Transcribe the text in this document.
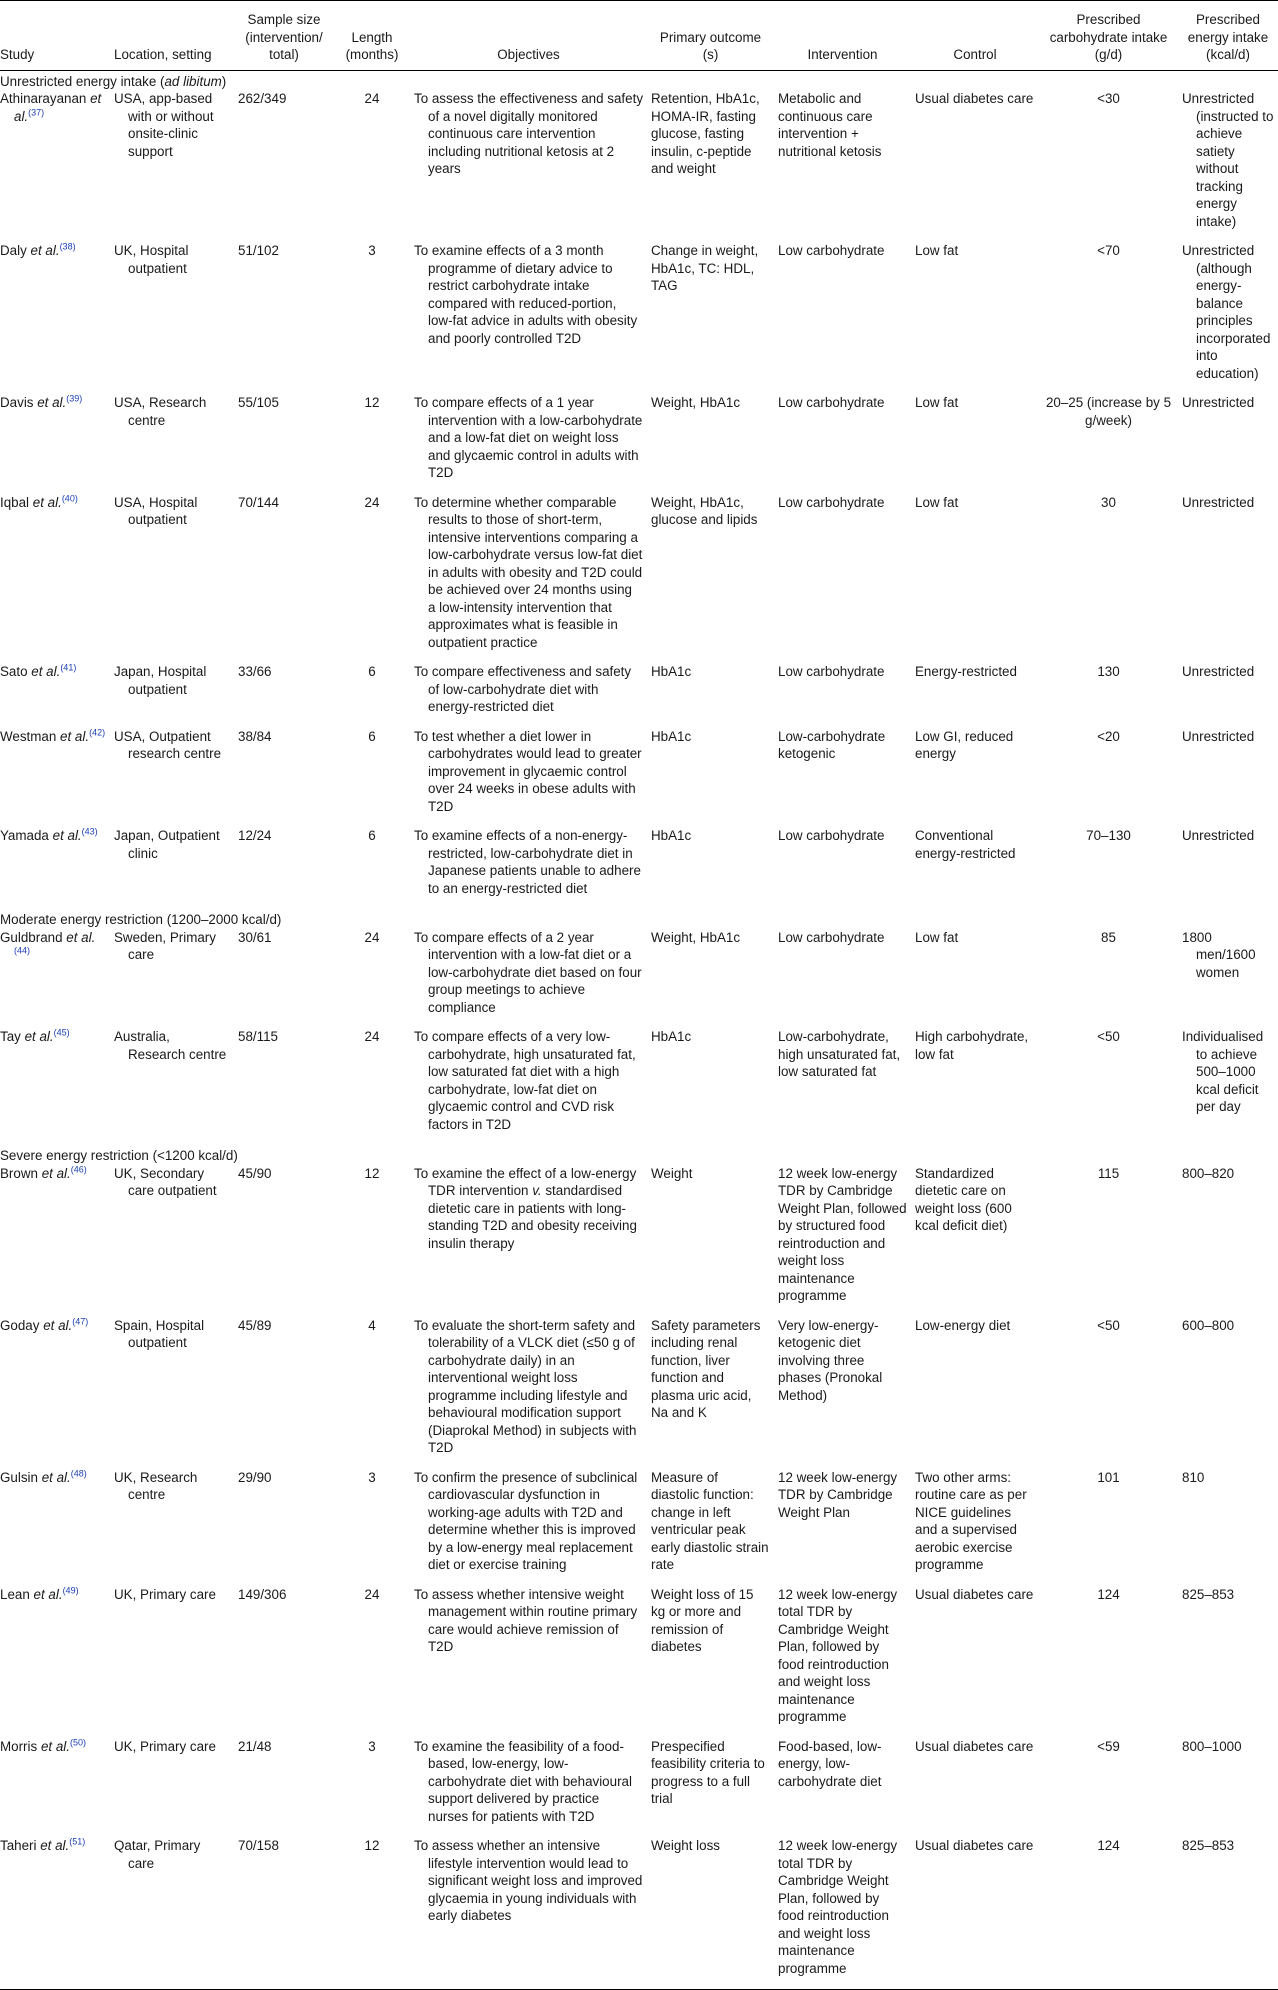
Study	Location, setting	Sample size (intervention/ total)	Length (months)	Objectives	Primary outcome (s)	Intervention	Control	Prescribed carbohydrate intake (g/d)	Prescribed energy intake (kcal/d)
Unrestricted energy intake (ad libitum)									

Athinarayanan et al.$^{(37)}$	USA, app-based with or without onsite-clinic support	262/349	24	To assess the effectiveness and safety of a novel digitally monitored continuous care intervention including nutritional ketosis at 2 years	Retention, HbA1c, HOMA-IR, fasting glucose, fasting insulin, c-peptide and weight	Metabolic and continuous care intervention + nutritional ketosis	Usual diabetes care	<30	Unrestricted (instructed to achieve satiety without tracking energy intake)

Daly et al.$^{(38)}$	UK, Hospital outpatient	51/102	3	To examine effects of a 3 month programme of dietary advice to restrict carbohydrate intake compared with reduced-portion, low-fat advice in adults with obesity and poorly controlled T2D	Change in weight, HbA1c, TC: HDL, TAG	Low carbohydrate	Low fat	<70	Unrestricted (although energy-balance principles incorporated into education)

Davis et al.$^{(39)}$	USA, Research centre	55/105	12	To compare effects of a 1 year intervention with a low-carbohydrate and a low-fat diet on weight loss and glycaemic control in adults with T2D	Weight, HbA1c	Low carbohydrate	Low fat	20–25 (increase by 5 g/week)	Unrestricted

Iqbal et al.$^{(40)}$	USA, Hospital outpatient	70/144	24	To determine whether comparable results to those of short-term, intensive interventions comparing a low-carbohydrate versus low-fat diet in adults with obesity and T2D could be achieved over 24 months using a low-intensity intervention that approximates what is feasible in outpatient practice	Weight, HbA1c, glucose and lipids	Low carbohydrate	Low fat	30	Unrestricted

Sato et al.$^{(41)}$	Japan, Hospital outpatient	33/66	6	To compare effectiveness and safety of low-carbohydrate diet with energy-restricted diet	HbA1c	Low carbohydrate	Energy-restricted	130	Unrestricted

Westman et al.$^{(42)}$	USA, Outpatient research centre	38/84	6	To test whether a diet lower in carbohydrates would lead to greater improvement in glycaemic control over 24 weeks in obese adults with T2D	HbA1c	Low-carbohydrate ketogenic	Low GI, reduced energy	<20	Unrestricted

Yamada et al.$^{(43)}$	Japan, Outpatient clinic	12/24	6	To examine effects of a non-energy-restricted, low-carbohydrate diet in Japanese patients unable to adhere to an energy-restricted diet	HbA1c	Low carbohydrate	Conventional energy-restricted	70–130	Unrestricted

Moderate energy restriction (1200–2000 kcal/d)									

Guldbrand et al.$^{(44)}$	Sweden, Primary care	30/61	24	To compare effects of a 2 year intervention with a low-fat diet or a low-carbohydrate diet based on four group meetings to achieve compliance	Weight, HbA1c	Low carbohydrate	Low fat	85	1800 men/1600 women

Tay et al.$^{(45)}$	Australia, Research centre	58/115	24	To compare effects of a very low-carbohydrate, high unsaturated fat, low saturated fat diet with a high carbohydrate, low-fat diet on glycaemic control and CVD risk factors in T2D	HbA1c	Low-carbohydrate, high unsaturated fat, low saturated fat	High carbohydrate, low fat	<50	Individualised to achieve 500–1000 kcal deficit per day

Severe energy restriction (<1200 kcal/d)									

Brown et al.$^{(46)}$	UK, Secondary care outpatient	45/90	12	To examine the effect of a low-energy TDR intervention v. standardised dietetic care in patients with long-standing T2D and obesity receiving insulin therapy	Weight	12 week low-energy TDR by Cambridge Weight Plan, followed by structured food reintroduction and weight loss maintenance programme	Standardized dietetic care on weight loss (600 kcal deficit diet)	115	800–820

Goday et al.$^{(47)}$	Spain, Hospital outpatient	45/89	4	To evaluate the short-term safety and tolerability of a VLCK diet (≤50 g of carbohydrate daily) in an interventional weight loss programme including lifestyle and behavioural modification support (Diaprokal Method) in subjects with T2D	Safety parameters including renal function, liver function and plasma uric acid, Na and K	Very low-energy-ketogenic diet involving three phases (Pronokal Method)	Low-energy diet	<50	600–800

Gulsin et al.$^{(48)}$	UK, Research centre	29/90	3	To confirm the presence of subclinical cardiovascular dysfunction in working-age adults with T2D and determine whether this is improved by a low-energy meal replacement diet or exercise training	Measure of diastolic function: change in left ventricular peak early diastolic strain rate	12 week low-energy TDR by Cambridge Weight Plan	Two other arms: routine care as per NICE guidelines and a supervised aerobic exercise programme	101	810

Lean et al.$^{(49)}$	UK, Primary care	149/306	24	To assess whether intensive weight management within routine primary care would achieve remission of T2D	Weight loss of 15 kg or more and remission of diabetes	12 week low-energy total TDR by Cambridge Weight Plan, followed by food reintroduction and weight loss maintenance programme	Usual diabetes care	124	825–853

Morris et al.$^{(50)}$	UK, Primary care	21/48	3	To examine the feasibility of a food-based, low-energy, low-carbohydrate diet with behavioural support delivered by practice nurses for patients with T2D	Prespecified feasibility criteria to progress to a full trial	Food-based, low-energy, low-carbohydrate diet	Usual diabetes care	<59	800–1000

Taheri et al.$^{(51)}$	Qatar, Primary care	70/158	12	To assess whether an intensive lifestyle intervention would lead to significant weight loss and improved glycaemia in young individuals with early diabetes	Weight loss	12 week low-energy total TDR by Cambridge Weight Plan, followed by food reintroduction and weight loss maintenance programme	Usual diabetes care	124	825–853
